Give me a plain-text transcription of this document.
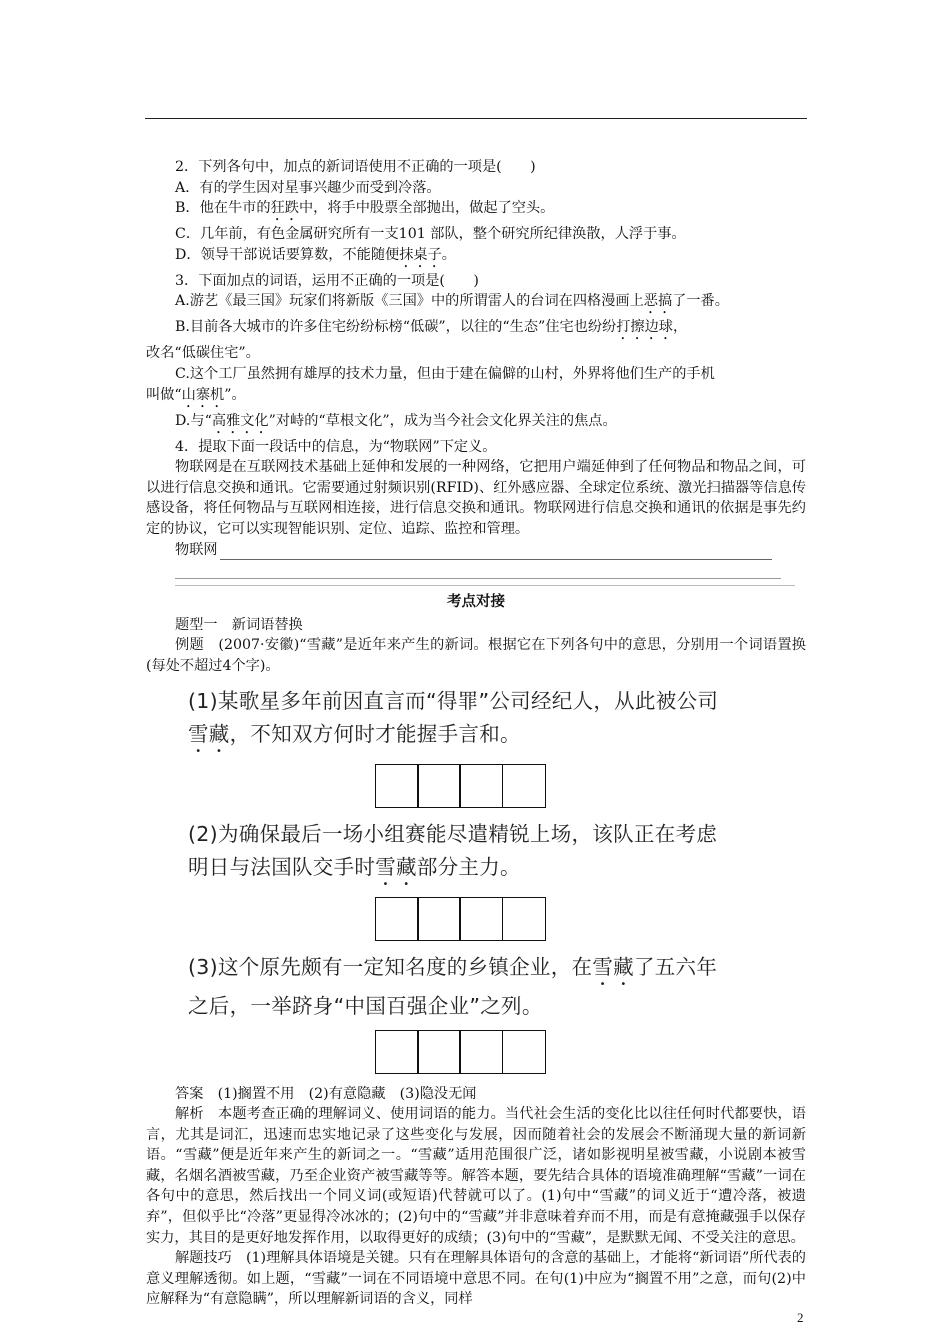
2．下列各句中，加点的新词语使用不正确的一项是(　　)
A．有的学生因对星事兴趣少而受到冷落。
B．他在牛市的狂跌中，将手中股票全部抛出，做起了空头。
C．几年前，有色金属研究所有一支101 部队，整个研究所纪律涣散，人浮于事。
D．领导干部说话要算数，不能随便抹桌子。
3．下面加点的词语，运用不正确的一项是(　　)
A.游艺《最三国》玩家们将新版《三国》中的所谓雷人的台词在四格漫画上恶搞了一番。
B.目前各大城市的许多住宅纷纷标榜“低碳”，以往的“生态”住宅也纷纷打擦边球，
改名“低碳住宅”。
C.这个工厂虽然拥有雄厚的技术力量，但由于建在偏僻的山村，外界将他们生产的手机
叫做“山寨机”。
D.与“高雅文化”对峙的“草根文化”，成为当今社会文化界关注的焦点。
4．提取下面一段话中的信息，为“物联网”下定义。
物联网是在互联网技术基础上延伸和发展的一种网络，它把用户端延伸到了任何物品和物品之间，可以进行信息交换和通讯。它需要通过射频识别(RFID)、红外感应器、全球定位系统、激光扫描器等信息传感设备，将任何物品与互联网相连接，进行信息交换和通讯。物联网进行信息交换和通讯的依据是事先约定的协议，它可以实现智能识别、定位、追踪、监控和管理。
物联网
考点对接
题型一　新词语替换
例题　(2007·安徽)“雪藏”是近年来产生的新词。根据它在下列各句中的意思，分别用一个词语置换(每处不超过4个字)。
(1)某歌星多年前因直言而“得罪”公司经纪人，从此被公司
雪藏，不知双方何时才能握手言和。
(2)为确保最后一场小组赛能尽遣精锐上场，该队正在考虑
明日与法国队交手时雪藏部分主力。
(3)这个原先颇有一定知名度的乡镇企业，在雪藏了五六年
之后，一举跻身“中国百强企业”之列。
答案　(1)搁置不用　(2)有意隐藏　(3)隐没无闻
解析　本题考查正确的理解词义、使用词语的能力。当代社会生活的变化比以往任何时代都要快，语言，尤其是词汇，迅速而忠实地记录了这些变化与发展，因而随着社会的发展会不断涌现大量的新词新语。“雪藏”便是近年来产生的新词之一。“雪藏”适用范围很广泛，诸如影视明星被雪藏，小说剧本被雪藏，名烟名酒被雪藏，乃至企业资产被雪藏等等。解答本题，要先结合具体的语境准确理解“雪藏”一词在各句中的意思，然后找出一个同义词(或短语)代替就可以了。(1)句中“雪藏”的词义近于“遭冷落，被遗弃”，但似乎比“冷落”更显得冷冰冰的；(2)句中的“雪藏”并非意味着弃而不用，而是有意掩藏强手以保存实力，其目的是更好地发挥作用，以取得更好的成绩；(3)句中的“雪藏”，是默默无闻、不受关注的意思。
解题技巧　(1)理解具体语境是关键。只有在理解具体语句的含意的基础上，才能将“新词语”所代表的意义理解透彻。如上题，“雪藏”一词在不同语境中意思不同。在句(1)中应为“搁置不用”之意，而句(2)中应解释为“有意隐瞒”，所以理解新词语的含义，同样
2
